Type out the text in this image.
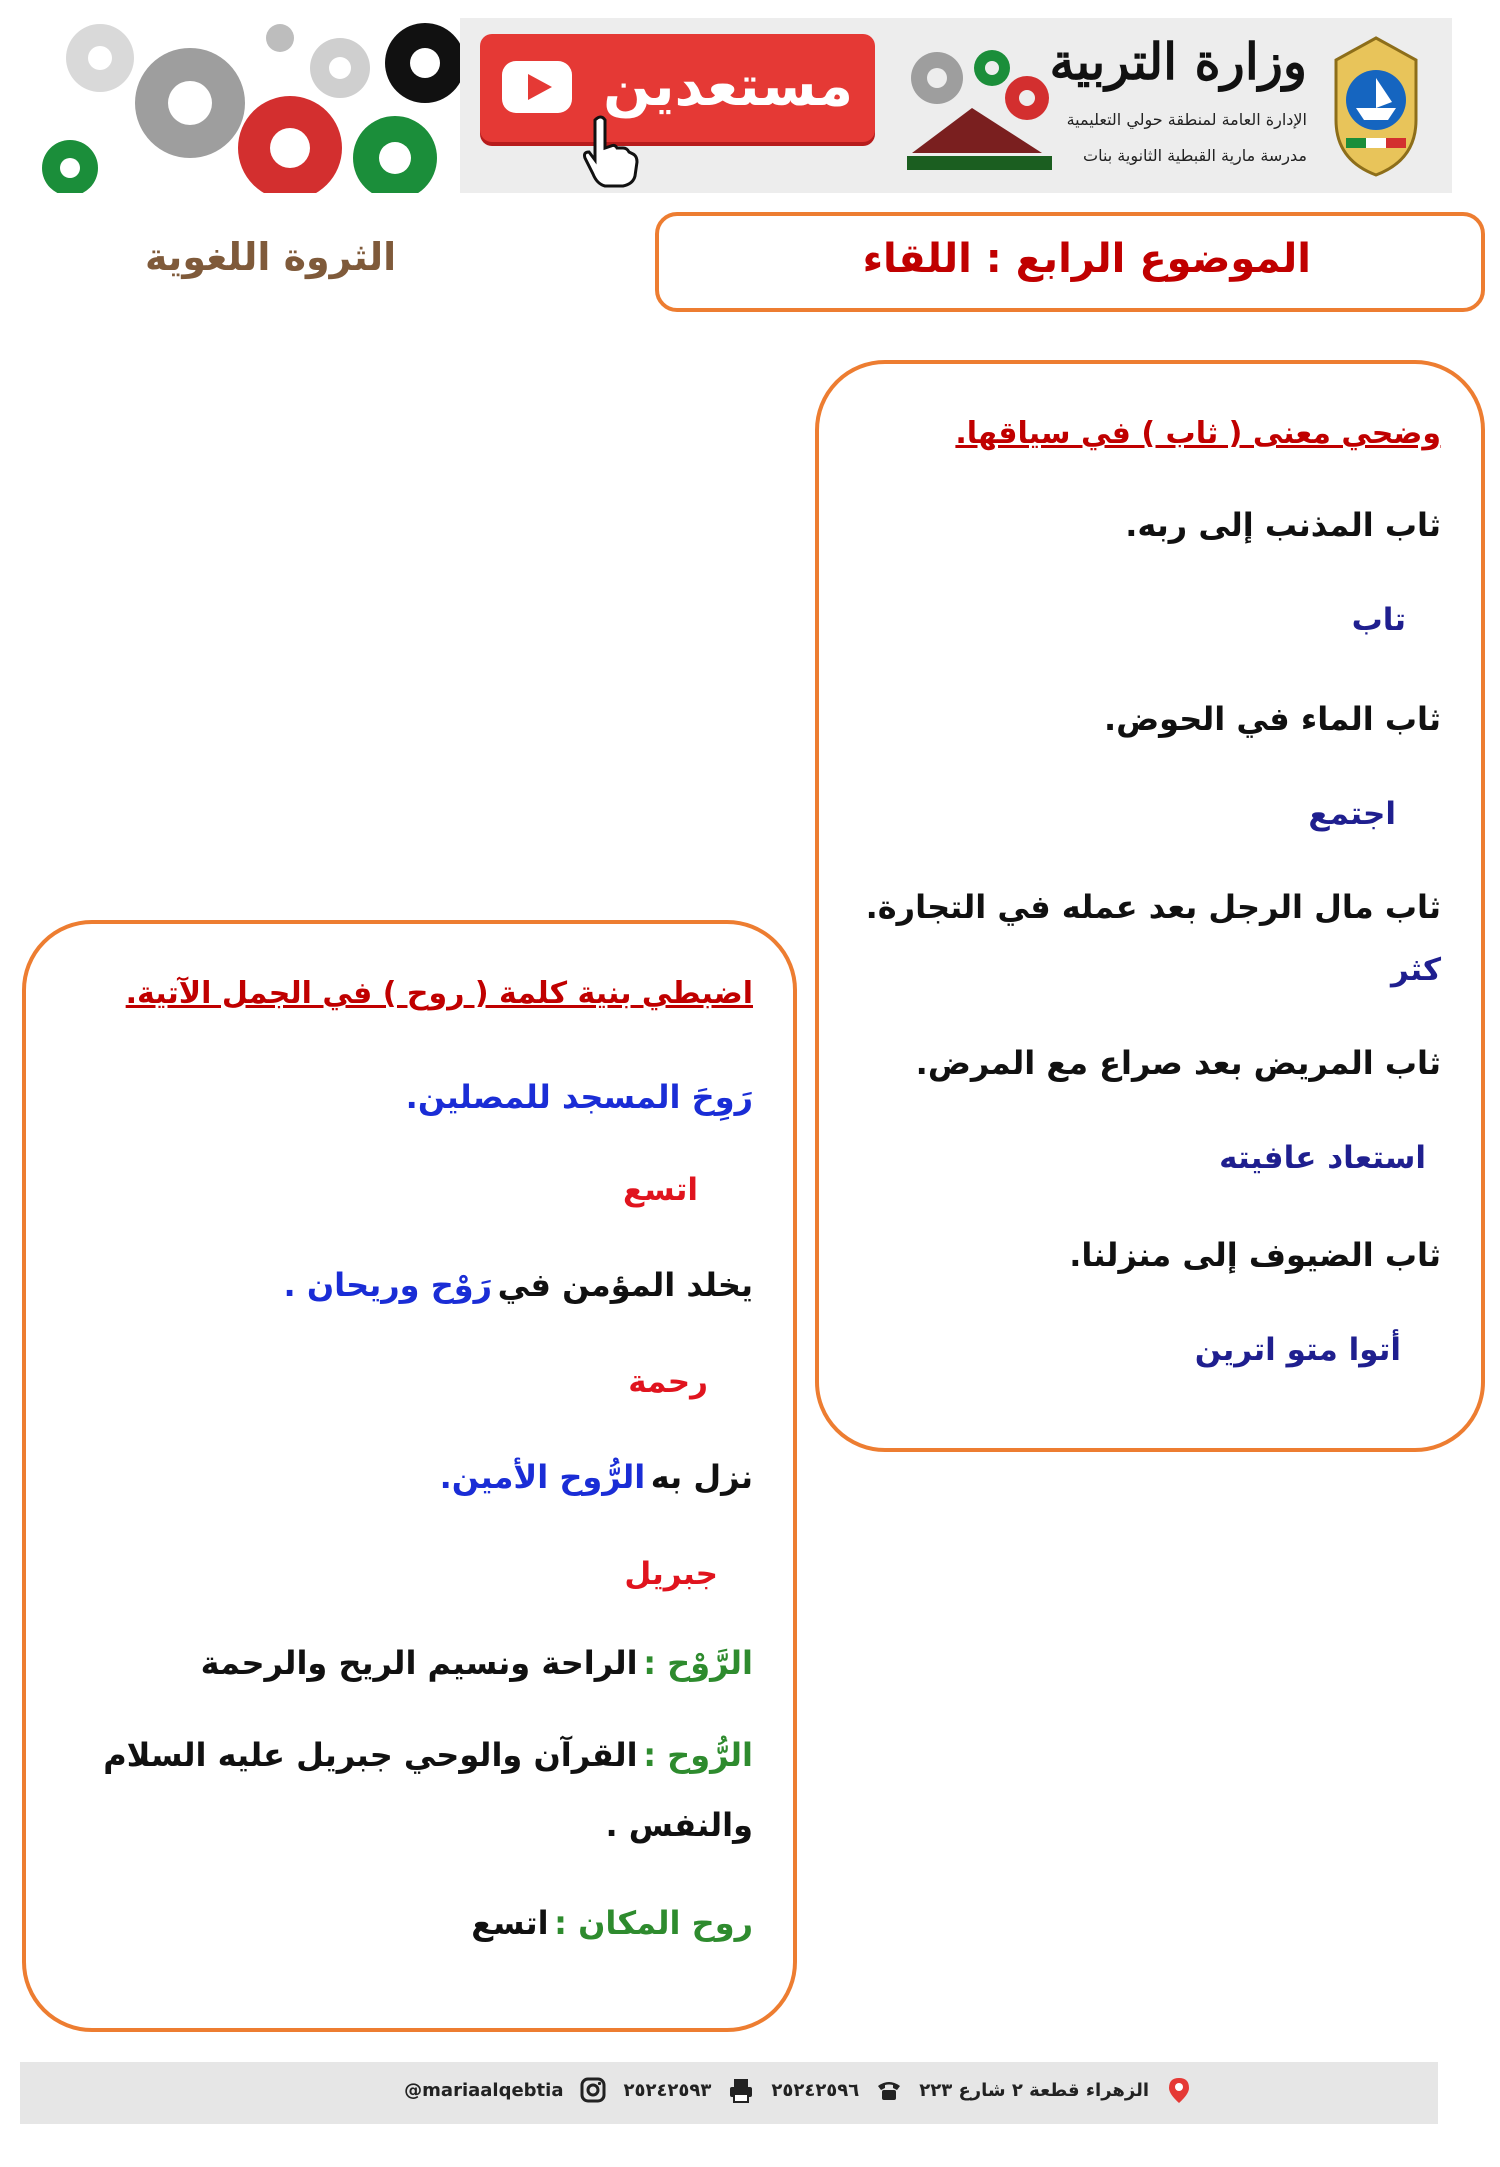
مستعدين	وزارة التربية
الإدارة العامة لمنطقة حولي التعليمية
مدرسة مارية القبطية الثانوية بنات
الموضوع الرابع : اللقاء
الثروة اللغوية
وضحي معنى ( ثاب ) في سياقها.
ثاب المذنب إلى ربه.
تاب
ثاب الماء في الحوض.
اجتمع
ثاب مال الرجل بعد عمله في التجارة.
كثر
ثاب المريض بعد صراع مع المرض.
استعاد عافيته
ثاب الضيوف إلى منزلنا.
أتوا متو اترين
اضبطي بنية كلمة ( روح ) في الجمل الآتية.
رَوِحَ المسجد للمصلين.
اتسع
يخلد المؤمن في رَوْح وريحان .
رحمة
نزل به الرُّوح الأمين.
جبريل
الرَّوْح : الراحة ونسيم الريح والرحمة
الرُّوح : القرآن والوحي جبريل عليه السلام
والنفس .
روح المكان : اتسع
الزهراء قطعة ٢ شارع ٢٢٣
٢٥٢٤٢٥٩٦
٢٥٢٤٢٥٩٣
@mariaalqebtia
